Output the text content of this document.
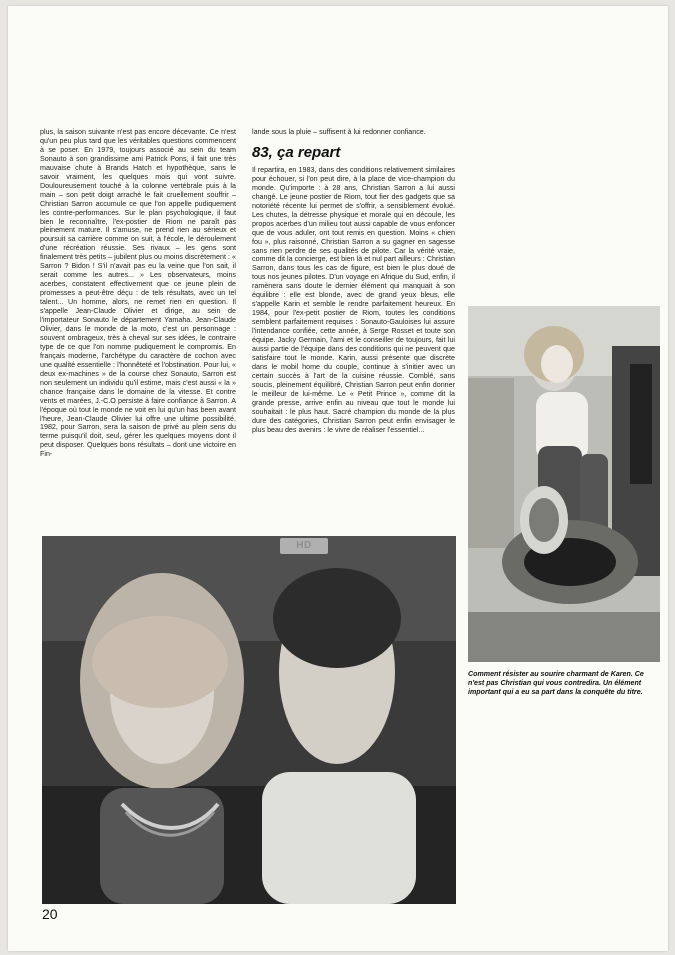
plus, la saison suivante n'est pas encore décevante. Ce n'est qu'un peu plus tard que les véritables questions commencent à se poser. En 1979, toujours associé au sein du team Sonauto à son grandissime ami Patrick Pons, il fait une très mauvaise chute à Brands Hatch et hypothèque, sans le savoir vraiment, les quelques mois qui vont suivre. Douloureusement touché à la colonne vertébrale puis à la main – son petit doigt arraché le fait cruellement souffrir – Christian Sarron accumule ce que l'on appelle pudiquement les contre-performances. Sur le plan psychologique, il faut bien le reconnaître, l'ex-postier de Riom ne paraît pas pleinement mature. Il s'amuse, ne prend rien au sérieux et poursuit sa carrière comme on suit, à l'école, le déroulement d'une récréation réussie. Ses rivaux – les gens sont finalement très petits – jubilent plus ou moins discrètement : « Sarron ? Bidon ! S'il n'avait pas eu la veine que l'on sait, il serait comme les autres... » Les observateurs, moins acerbes, constatent effectivement que ce jeune plein de promesses a peut-être déçu : de tels résultats, avec un tel talent... Un homme, alors, ne remet rien en question. Il s'appelle Jean-Claude Olivier et dirige, au sein de l'importateur Sonauto le département Yamaha. Jean-Claude Olivier, dans le monde de la moto, c'est un personnage : souvent ombrageux, très à cheval sur ses idées, le contraire type de ce que l'on nomme pudiquement le compromis. En français moderne, l'archétype du caractère de cochon avec une qualité essentielle : l'honnêteté et l'obstination. Pour lui, « deux ex-machines » de la course chez Sonauto, Sarron est non seulement un individu qu'il estime, mais c'est aussi « la » chance française dans le domaine de la vitesse. Et contre vents et marées, J.-C.O persiste à faire confiance à Sarron. A l'époque où tout le monde ne voit en lui qu'un has been avant l'heure, Jean-Claude Olivier lui offre une ultime possibilité. 1982, pour Sarron, sera la saison de privé au plein sens du terme puisqu'il doit, seul, gérer les quelques moyens dont il peut disposer. Quelques bons résultats – dont une victoire en Fin-

lande sous la pluie – suffisent à lui redonner confiance.

83, ça repart

Il repartira, en 1983, dans des conditions relativement similaires pour échouer, si l'on peut dire, à la place de vice-champion du monde. Qu'importe : à 28 ans, Christian Sarron a lui aussi changé. Le jeune postier de Riom, tout fier des gadgets que sa notoriété récente lui permet de s'offrir, a sensiblement évolué. Les chutes, la détresse physique et morale qui en découle, les propos acerbes d'un milieu tout aussi capable de vous enfoncer que de vous aduler, ont tout remis en question. Moins « chien fou », plus raisonné, Christian Sarron a su gagner en sagesse sans rien perdre de ses qualités de pilote. Car la vérité vraie, comme dit la concierge, est bien là et nul part ailleurs : Christian Sarron, dans tous les cas de figure, est bien le plus doué de tous nos jeunes pilotes. D'un voyage en Afrique du Sud, enfin, il ramènera sans doute le dernier élément qui manquait à son équilibre : elle est blonde, avec de grand yeux bleus, elle s'appelle Karin et semble le rendre parfaitement heureux. En 1984, pour l'ex-petit postier de Riom, toutes les conditions semblent parfaitement requises : Sonauto-Gauloises lui assure l'intendance confiée, cette année, à Serge Rosset et toute son équipe. Jacky Germain, l'ami et le conseiller de toujours, fait lui aussi partie de l'équipe dans des conditions qui ne peuvent que satisfaire tout le monde. Karin, aussi présente que discrète dans le mobil home du couple, continue à s'initier avec un certain succès à l'art de la cuisine réussie. Comblé, sans soucis, pleinement équilibré, Christian Sarron peut enfin donner le meilleur de lui-même. Le « Petit Prince », comme dit la grande presse, arrive enfin au niveau que tout le monde lui souhaitait : le plus haut. Sacré champion du monde de la plus dure des catégories, Christian Sarron peut enfin envisager le plus beau des avenirs : le vivre de réaliser l'essentiel...

Comment résister au sourire charmant de Karen. Ce n'est pas Christian qui vous contredira. Un élément important qui a eu sa part dans la conquête du titre.
HD
20
